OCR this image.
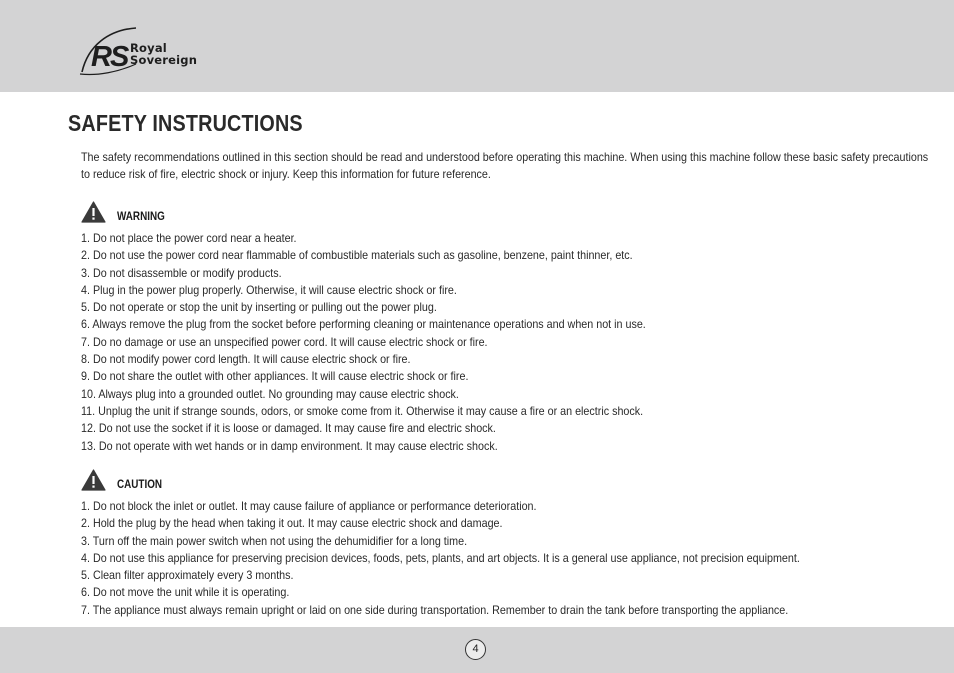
RS Royal
Sovereign
SAFETY INSTRUCTIONS
The safety recommendations outlined in this section should be read and understood before operating this machine. When using this machine follow these basic safety precautions
to reduce risk of fire, electric shock or injury. Keep this information for future reference.
WARNING
1. Do not place the power cord near a heater.
2. Do not use the power cord near flammable of combustible materials such as gasoline, benzene, paint thinner, etc.
3. Do not disassemble or modify products.
4. Plug in the power plug properly. Otherwise, it will cause electric shock or fire.
5. Do not operate or stop the unit by inserting or pulling out the power plug.
6. Always remove the plug from the socket before performing cleaning or maintenance operations and when not in use.
7. Do no damage or use an unspecified power cord. It will cause electric shock or fire.
8. Do not modify power cord length. It will cause electric shock or fire.
9. Do not share the outlet with other appliances. It will cause electric shock or fire.
10. Always plug into a grounded outlet. No grounding may cause electric shock.
11. Unplug the unit if strange sounds, odors, or smoke come from it. Otherwise it may cause a fire or an electric shock.
12. Do not use the socket if it is loose or damaged. It may cause fire and electric shock.
13. Do not operate with wet hands or in damp environment. It may cause electric shock.
CAUTION
1. Do not block the inlet or outlet. It may cause failure of appliance or performance deterioration.
2. Hold the plug by the head when taking it out. It may cause electric shock and damage.
3. Turn off the main power switch when not using the dehumidifier for a long time.
4. Do not use this appliance for preserving precision devices, foods, pets, plants, and art objects. It is a general use appliance, not precision equipment.
5. Clean filter approximately every 3 months.
6. Do not move the unit while it is operating.
7. The appliance must always remain upright or laid on one side during transportation. Remember to drain the tank before transporting the appliance.
4
